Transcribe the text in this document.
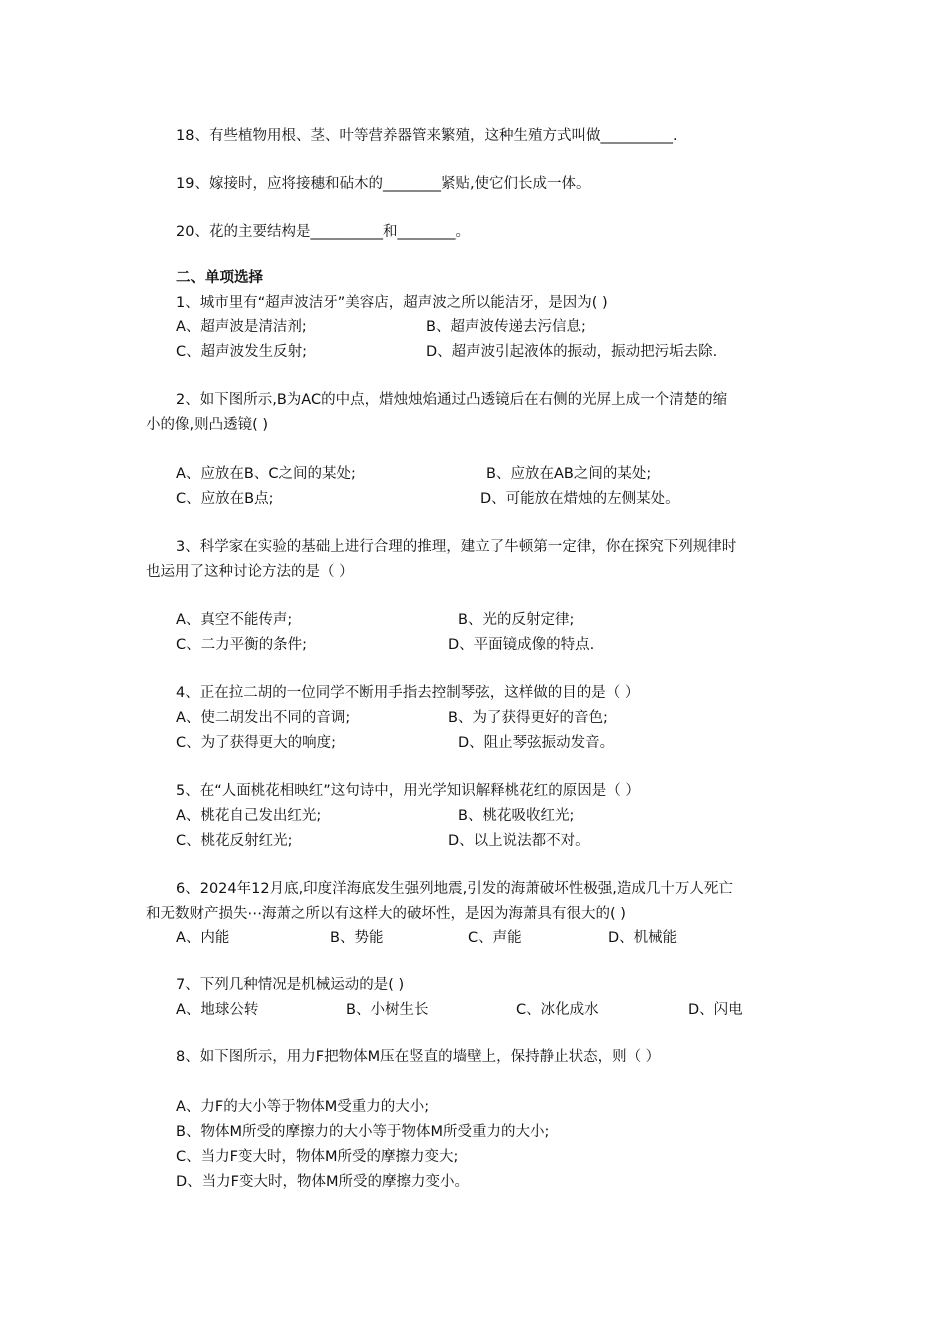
18、有些植物用根、茎、叶等营养器管来繁殖，这种生殖方式叫做__________.
19、嫁接时，应将接穗和砧木的________紧贴,使它们长成一体。
20、花的主要结构是__________和________。
二、单项选择
1、城市里有“超声波洁牙”美容店，超声波之所以能洁牙，是因为( )
A、超声波是清洁剂;	B、超声波传递去污信息;
C、超声波发生反射;	D、超声波引起液体的振动，振动把污垢去除.
2、如下图所示,B为AC的中点，焟烛烛焰通过凸透镜后在右侧的光屏上成一个清楚的缩
小的像,则凸透镜( )
A、应放在B、C之间的某处;	B、应放在AB之间的某处;
C、应放在B点;	D、可能放在焟烛的左侧某处。
3、科学家在实验的基础上进行合理的推理，建立了牛顿第一定律，你在探究下列规律时
也运用了这种讨论方法的是（ ）
A、真空不能传声;	B、光的反射定律;
C、二力平衡的条件;	D、平面镜成像的特点.
4、正在拉二胡的一位同学不断用手指去控制琴弦，这样做的目的是（ ）
A、使二胡发出不同的音调;	B、为了获得更好的音色;
C、为了获得更大的响度;	D、阻止琴弦振动发音。
5、在“人面桃花相映红”这句诗中，用光学知识解释桃花红的原因是（ ）
A、桃花自己发出红光;	B、桃花吸收红光;
C、桃花反射红光;	D、以上说法都不对。
6、2024年12月底,印度洋海底发生强列地震,引发的海萧破坏性极强,造成几十万人死亡
和无数财产损失⋯海萧之所以有这样大的破坏性，是因为海萧具有很大的( )
A、内能	B、势能	C、声能	D、机械能
7、下列几种情况是机械运动的是( )
A、地球公转	B、小树生长	C、冰化成水	D、闪电
8、如下图所示，用力F把物体M压在竖直的墙壁上，保持静止状态，则（ ）
A、力F的大小等于物体M受重力的大小;
B、物体M所受的摩擦力的大小等于物体M所受重力的大小;
C、当力F变大时，物体M所受的摩擦力变大;
D、当力F变大时，物体M所受的摩擦力变小。
